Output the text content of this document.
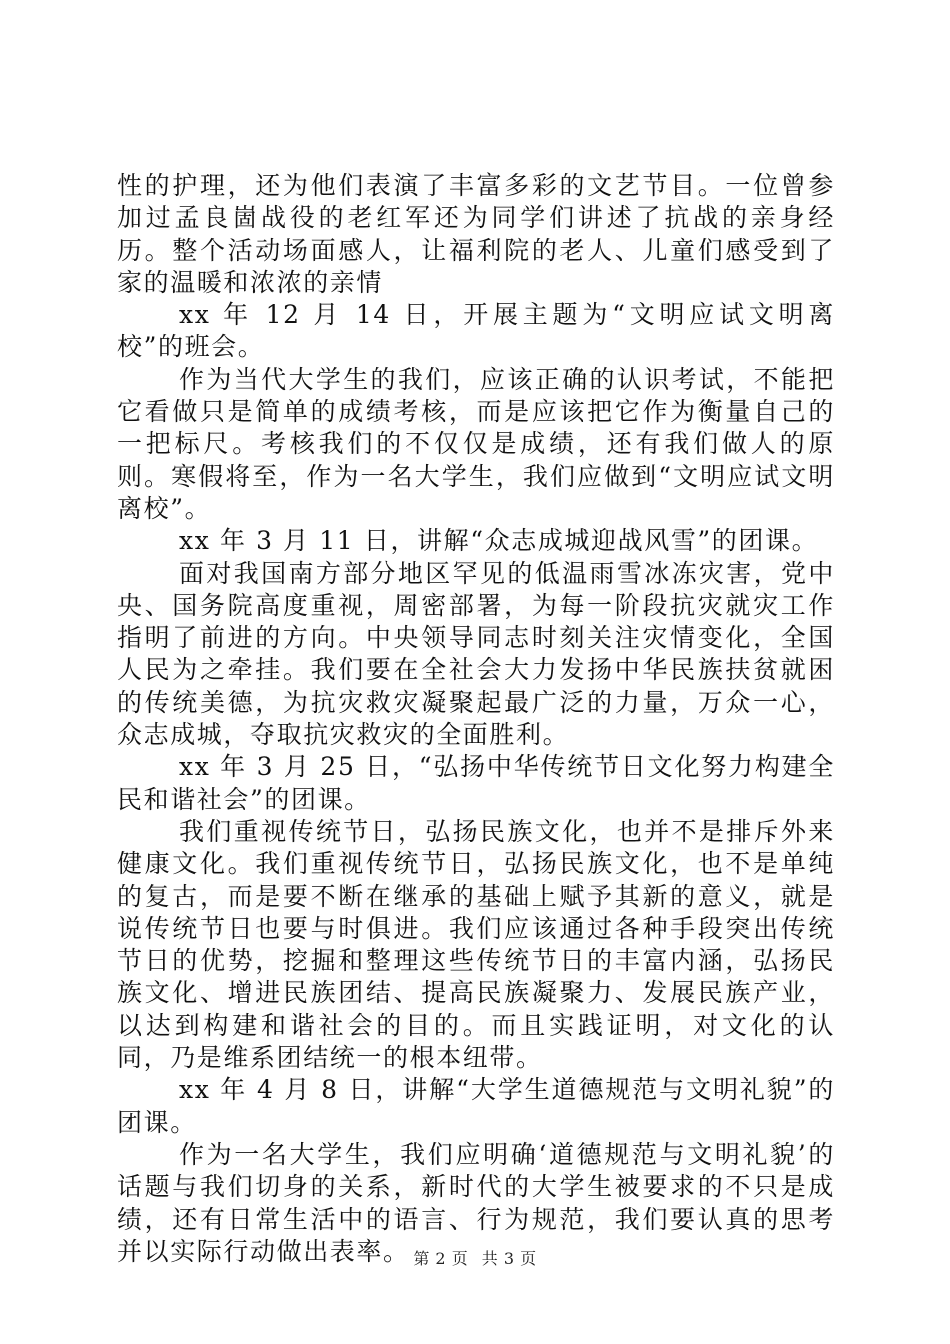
性的护理，还为他们表演了丰富多彩的文艺节目。一位曾参加过孟良崮战役的老红军还为同学们讲述了抗战的亲身经历。整个活动场面感人，让福利院的老人、儿童们感受到了家的温暖和浓浓的亲情

xx 年 12 月 14 日，开展主题为“文明应试文明离校”的班会。

作为当代大学生的我们，应该正确的认识考试，不能把它看做只是简单的成绩考核，而是应该把它作为衡量自己的一把标尺。考核我们的不仅仅是成绩，还有我们做人的原则。寒假将至，作为一名大学生，我们应做到“文明应试文明离校”。

xx 年 3 月 11 日，讲解“众志成城迎战风雪”的团课。

面对我国南方部分地区罕见的低温雨雪冰冻灾害，党中央、国务院高度重视，周密部署，为每一阶段抗灾就灾工作指明了前进的方向。中央领导同志时刻关注灾情变化，全国人民为之牵挂。我们要在全社会大力发扬中华民族扶贫就困的传统美德，为抗灾救灾凝聚起最广泛的力量，万众一心，众志成城，夺取抗灾救灾的全面胜利。

xx 年 3 月 25 日，“弘扬中华传统节日文化努力构建全民和谐社会”的团课。

我们重视传统节日，弘扬民族文化，也并不是排斥外来健康文化。我们重视传统节日，弘扬民族文化，也不是单纯的复古，而是要不断在继承的基础上赋予其新的意义，就是说传统节日也要与时俱进。我们应该通过各种手段突出传统节日的优势，挖掘和整理这些传统节日的丰富内涵，弘扬民族文化、增进民族团结、提高民族凝聚力、发展民族产业，以达到构建和谐社会的目的。而且实践证明，对文化的认同，乃是维系团结统一的根本纽带。

xx 年 4 月 8 日，讲解“大学生道德规范与文明礼貌”的团课。

作为一名大学生，我们应明确‘道德规范与文明礼貌’的话题与我们切身的关系，新时代的大学生被要求的不只是成绩，还有日常生活中的语言、行为规范，我们要认真的思考并以实际行动做出表率。 第 2 页 共 3 页
